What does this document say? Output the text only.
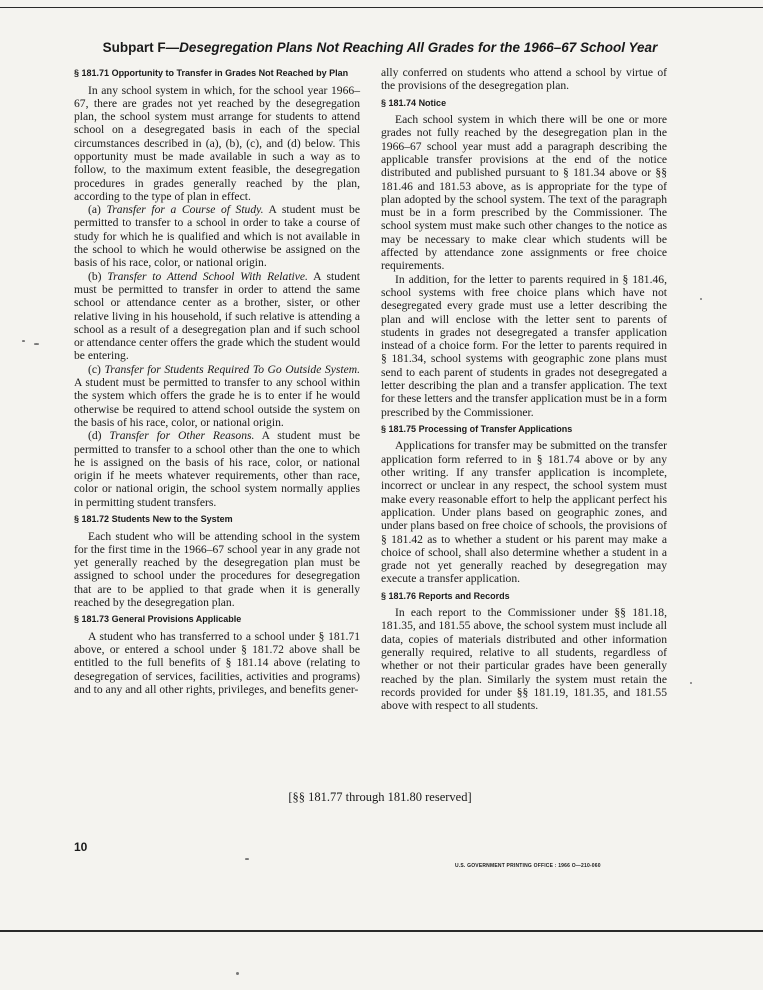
Subpart F—Desegregation Plans Not Reaching All Grades for the 1966–67 School Year
§ 181.71 Opportunity to Transfer in Grades Not Reached by Plan

In any school system in which, for the school year 1966–67, there are grades not yet reached by the desegregation plan, the school system must arrange for students to attend school on a desegregated basis in each of the special circumstances described in (a), (b), (c), and (d) below. This opportunity must be made available in such a way as to follow, to the maximum extent feasible, the desegregation procedures in grades generally reached by the plan, according to the type of plan in effect.

(a) Transfer for a Course of Study. A student must be permitted to transfer to a school in order to take a course of study for which he is qualified and which is not available in the school to which he would otherwise be assigned on the basis of his race, color, or national origin.

(b) Transfer to Attend School With Relative. A student must be permitted to transfer in order to attend the same school or attendance center as a brother, sister, or other relative living in his household, if such relative is attending a school as a result of a desegregation plan and if such school or attendance center offers the grade which the student would be entering.

(c) Transfer for Students Required To Go Outside System. A student must be permitted to transfer to any school within the system which offers the grade he is to enter if he would otherwise be required to attend school outside the system on the basis of his race, color, or national origin.

(d) Transfer for Other Reasons. A student must be permitted to transfer to a school other than the one to which he is assigned on the basis of his race, color, or national origin if he meets whatever requirements, other than race, color or national origin, the school system normally applies in permitting student transfers.

§ 181.72 Students New to the System

Each student who will be attending school in the system for the first time in the 1966–67 school year in any grade not yet generally reached by the desegregation plan must be assigned to school under the procedures for desegregation that are to be applied to that grade when it is generally reached by the desegregation plan.

§ 181.73 General Provisions Applicable

A student who has transferred to a school under § 181.71 above, or entered a school under § 181.72 above shall be entitled to the full benefits of § 181.14 above (relating to desegregation of services, facilities, activities and programs) and to any and all other rights, privileges, and benefits gener-

ally conferred on students who attend a school by virtue of the provisions of the desegregation plan.

§ 181.74 Notice

Each school system in which there will be one or more grades not fully reached by the desegregation plan in the 1966–67 school year must add a paragraph describing the applicable transfer provisions at the end of the notice distributed and published pursuant to § 181.34 above or §§ 181.46 and 181.53 above, as is appropriate for the type of plan adopted by the school system. The text of the paragraph must be in a form prescribed by the Commissioner. The school system must make such other changes to the notice as may be necessary to make clear which students will be affected by attendance zone assignments or free choice requirements.

In addition, for the letter to parents required in § 181.46, school systems with free choice plans which have not desegregated every grade must use a letter describing the plan and will enclose with the letter sent to parents of students in grades not desegregated a transfer application instead of a choice form. For the letter to parents required in § 181.34, school systems with geographic zone plans must send to each parent of students in grades not desegregated a letter describing the plan and a transfer application. The text for these letters and the transfer application must be in a form prescribed by the Commissioner.

§ 181.75 Processing of Transfer Applications

Applications for transfer may be submitted on the transfer application form referred to in § 181.74 above or by any other writing. If any transfer application is incomplete, incorrect or unclear in any respect, the school system must make every reasonable effort to help the applicant perfect his application. Under plans based on geographic zones, and under plans based on free choice of schools, the provisions of § 181.42 as to whether a student or his parent may make a choice of school, shall also determine whether a student in a grade not yet generally reached by desegregation may execute a transfer application.

§ 181.76 Reports and Records

In each report to the Commissioner under §§ 181.18, 181.35, and 181.55 above, the school system must include all data, copies of materials distributed and other information generally required, relative to all students, regardless of whether or not their particular grades have been generally reached by the plan. Similarly the system must retain the records provided for under §§ 181.19, 181.35, and 181.55 above with respect to all students.

[§§ 181.77 through 181.80 reserved]
10
U.S. GOVERNMENT PRINTING OFFICE : 1966 O—210-060
